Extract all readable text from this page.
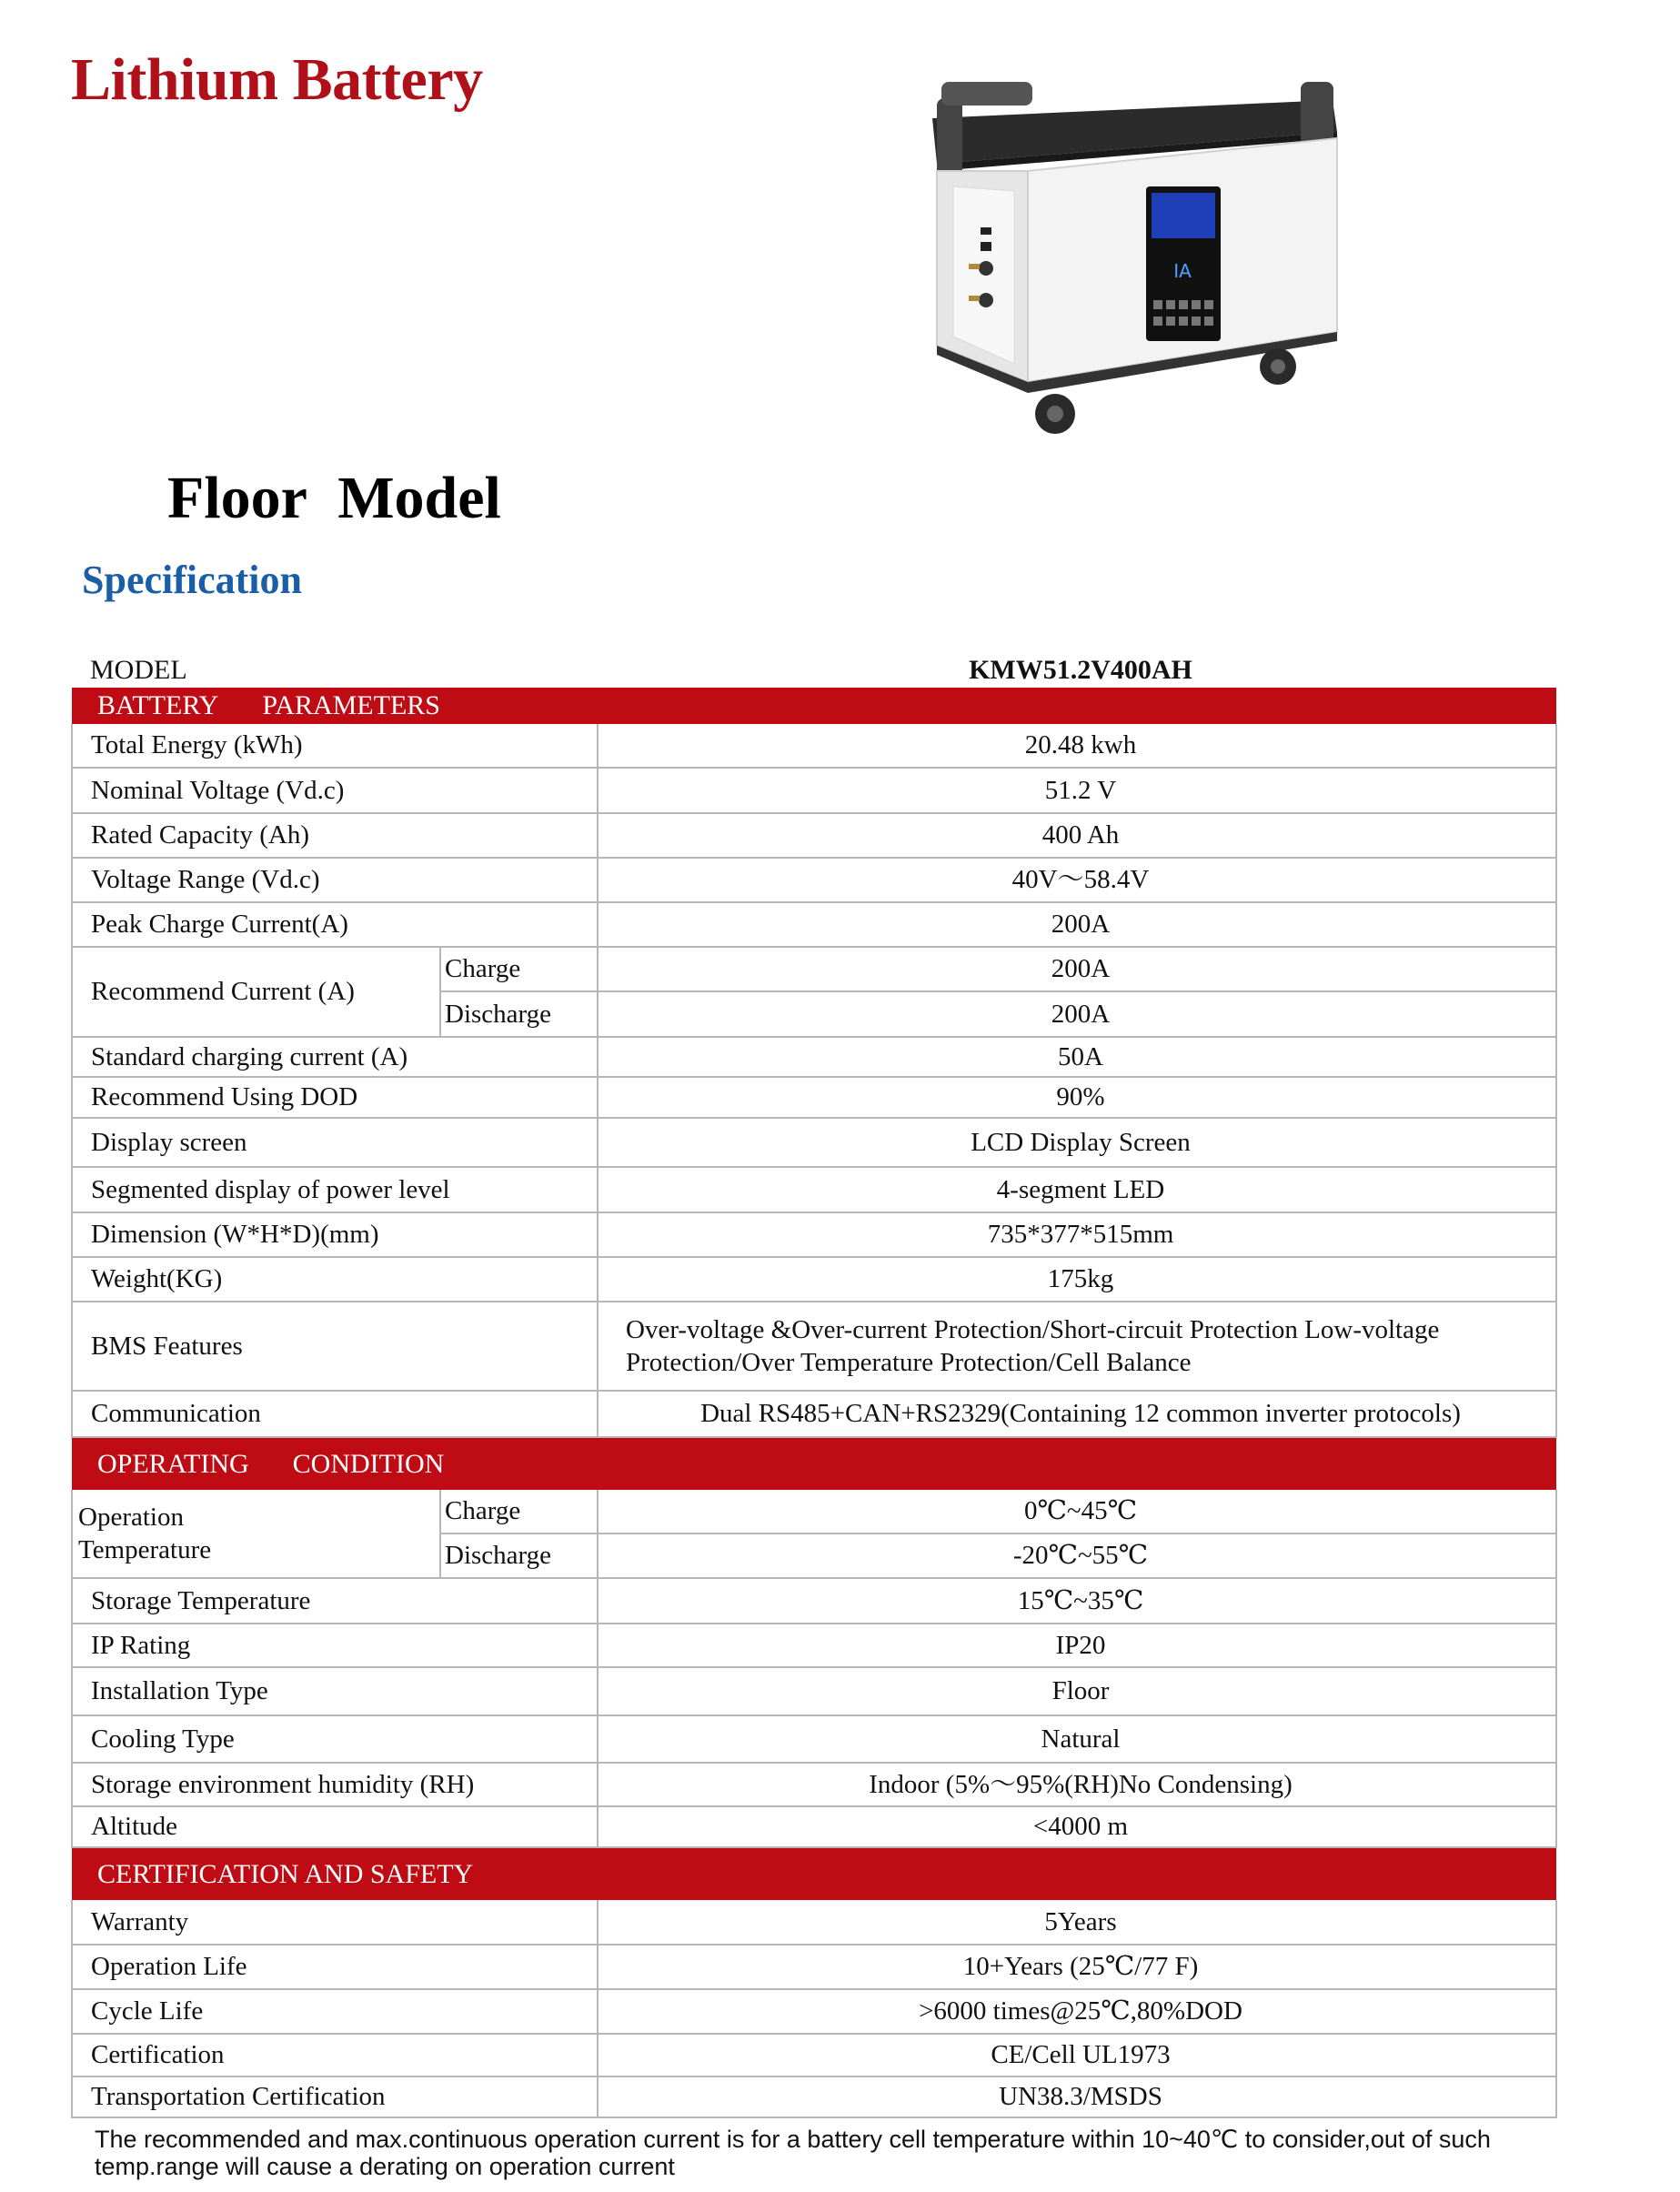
Lithium Battery
IA
Floor Model
Specification
MODEL		KMW51.2V400AH
BATTERY PARAMETERS		
Total Energy (kWh)		20.48 kwh
Nominal Voltage (Vd.c)		51.2 V
Rated Capacity (Ah)		400 Ah
Voltage Range (Vd.c)		40V～58.4V
Peak Charge Current(A)		200A
Recommend Current (A)	Charge	200A
	Discharge	200A
Standard charging current (A)		50A
Recommend Using DOD		90%
Display screen		LCD Display Screen
Segmented display of power level		4-segment LED
Dimension (W*H*D)(mm)		735*377*515mm
Weight(KG)		175kg
BMS Features		Over-voltage &Over-current Protection/Short-circuit Protection Low-voltage
Protection/Over Temperature Protection/Cell Balance

Communication		Dual RS485+CAN+RS2329(Containing 12 common inverter protocols)
OPERATING CONDITION		

Operation
Temperature	Charge	0℃~45℃
	Discharge	-20℃~55℃
Storage Temperature		15℃~35℃
IP Rating		IP20
Installation Type		Floor
Cooling Type		Natural
Storage environment humidity (RH)		Indoor (5%～95%(RH)No Condensing)
Altitude		<4000 m
CERTIFICATION AND SAFETY		
Warranty		5Years
Operation Life		10+Years (25℃/77 F)
Cycle Life		>6000 times@25℃,80%DOD
Certification		CE/Cell UL1973
Transportation Certification		UN38.3/MSDS

The recommended and max.continuous operation current is for a battery cell temperature within 10~40℃ to consider,out of such temp.range will cause a derating on operation current
